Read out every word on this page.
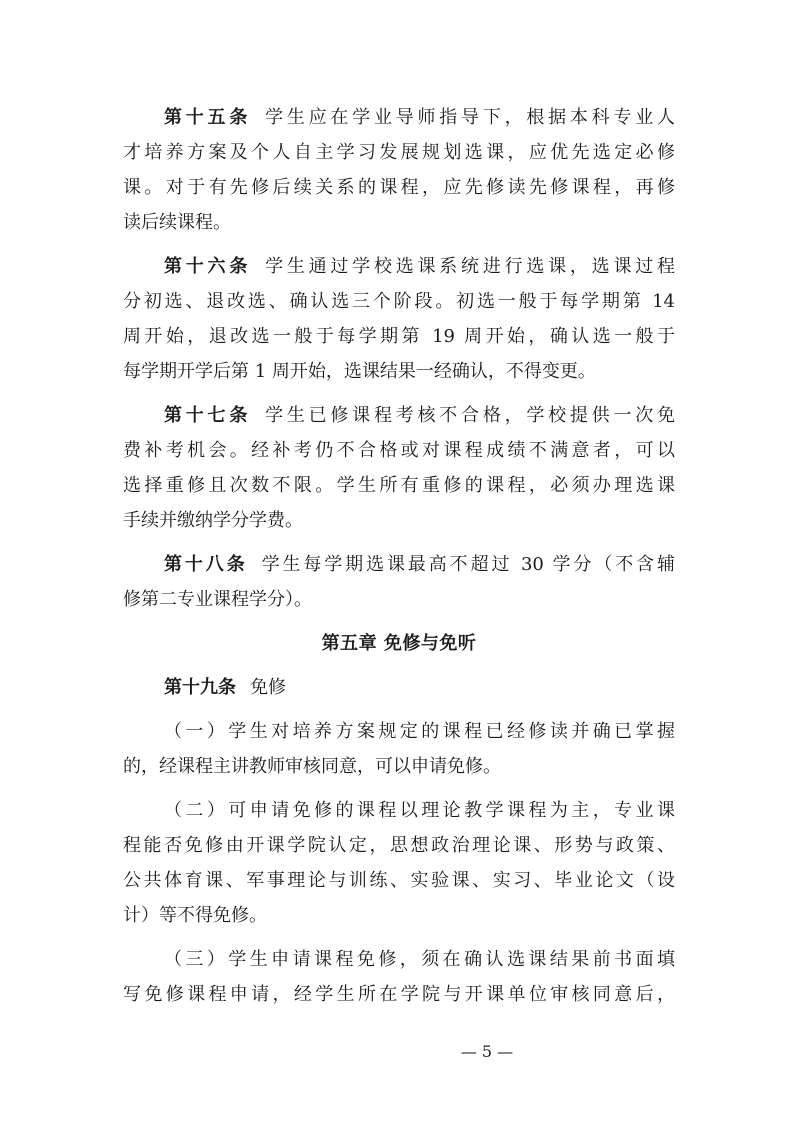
第十五条 学生应在学业导师指导下，根据本科专业人
才培养方案及个人自主学习发展规划选课，应优先选定必修
课。对于有先修后续关系的课程，应先修读先修课程，再修
读后续课程。
第十六条 学生通过学校选课系统进行选课，选课过程
分初选、退改选、确认选三个阶段。初选一般于每学期第 14
周开始，退改选一般于每学期第 19 周开始，确认选一般于
每学期开学后第 1 周开始，选课结果一经确认，不得变更。
第十七条 学生已修课程考核不合格，学校提供一次免
费补考机会。经补考仍不合格或对课程成绩不满意者，可以
选择重修且次数不限。学生所有重修的课程，必须办理选课
手续并缴纳学分学费。
第十八条 学生每学期选课最高不超过 30 学分（不含辅
修第二专业课程学分）。
第五章 免修与免听
第十九条 免修
（一）学生对培养方案规定的课程已经修读并确已掌握
的，经课程主讲教师审核同意，可以申请免修。
（二）可申请免修的课程以理论教学课程为主，专业课
程能否免修由开课学院认定，思想政治理论课、形势与政策、
公共体育课、军事理论与训练、实验课、实习、毕业论文（设
计）等不得免修。
（三）学生申请课程免修，须在确认选课结果前书面填
写免修课程申请，经学生所在学院与开课单位审核同意后，
— 5 —
